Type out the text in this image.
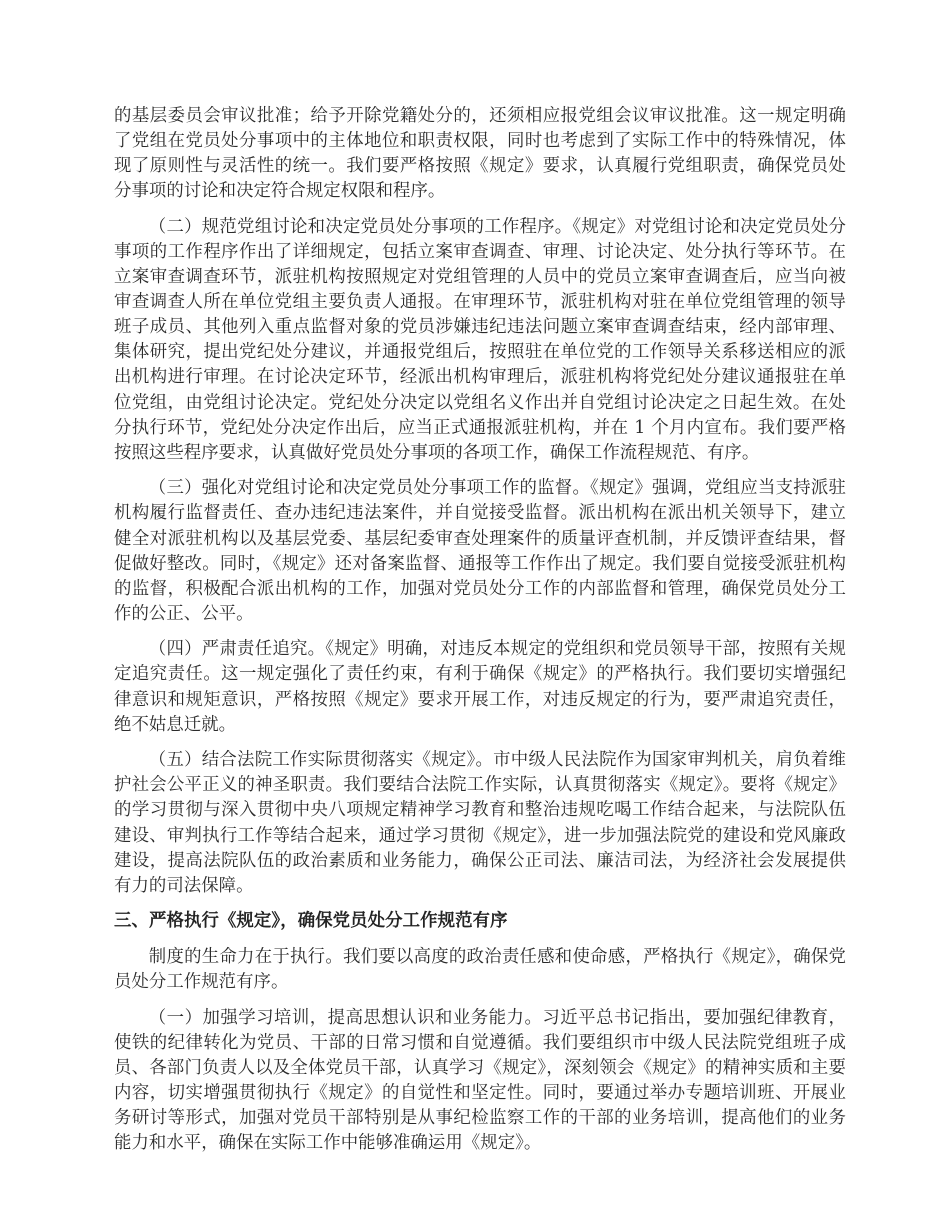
的基层委员会审议批准；给予开除党籍处分的，还须相应报党组会议审议批准。这一规定明确了党组在党员处分事项中的主体地位和职责权限，同时也考虑到了实际工作中的特殊情况，体现了原则性与灵活性的统一。我们要严格按照《规定》要求，认真履行党组职责，确保党员处分事项的讨论和决定符合规定权限和程序。

（二）规范党组讨论和决定党员处分事项的工作程序。《规定》对党组讨论和决定党员处分事项的工作程序作出了详细规定，包括立案审查调查、审理、讨论决定、处分执行等环节。在立案审查调查环节，派驻机构按照规定对党组管理的人员中的党员立案审查调查后，应当向被审查调查人所在单位党组主要负责人通报。在审理环节，派驻机构对驻在单位党组管理的领导班子成员、其他列入重点监督对象的党员涉嫌违纪违法问题立案审查调查结束，经内部审理、集体研究，提出党纪处分建议，并通报党组后，按照驻在单位党的工作领导关系移送相应的派出机构进行审理。在讨论决定环节，经派出机构审理后，派驻机构将党纪处分建议通报驻在单位党组，由党组讨论决定。党纪处分决定以党组名义作出并自党组讨论决定之日起生效。在处分执行环节，党纪处分决定作出后，应当正式通报派驻机构，并在 1 个月内宣布。我们要严格按照这些程序要求，认真做好党员处分事项的各项工作，确保工作流程规范、有序。

（三）强化对党组讨论和决定党员处分事项工作的监督。《规定》强调，党组应当支持派驻机构履行监督责任、查办违纪违法案件，并自觉接受监督。派出机构在派出机关领导下，建立健全对派驻机构以及基层党委、基层纪委审查处理案件的质量评查机制，并反馈评查结果，督促做好整改。同时，《规定》还对备案监督、通报等工作作出了规定。我们要自觉接受派驻机构的监督，积极配合派出机构的工作，加强对党员处分工作的内部监督和管理，确保党员处分工作的公正、公平。

（四）严肃责任追究。《规定》明确，对违反本规定的党组织和党员领导干部，按照有关规定追究责任。这一规定强化了责任约束，有利于确保《规定》的严格执行。我们要切实增强纪律意识和规矩意识，严格按照《规定》要求开展工作，对违反规定的行为，要严肃追究责任，绝不姑息迁就。

（五）结合法院工作实际贯彻落实《规定》。市中级人民法院作为国家审判机关，肩负着维护社会公平正义的神圣职责。我们要结合法院工作实际，认真贯彻落实《规定》。要将《规定》的学习贯彻与深入贯彻中央八项规定精神学习教育和整治违规吃喝工作结合起来，与法院队伍建设、审判执行工作等结合起来，通过学习贯彻《规定》，进一步加强法院党的建设和党风廉政建设，提高法院队伍的政治素质和业务能力，确保公正司法、廉洁司法，为经济社会发展提供有力的司法保障。

三、严格执行《规定》，确保党员处分工作规范有序

制度的生命力在于执行。我们要以高度的政治责任感和使命感，严格执行《规定》，确保党员处分工作规范有序。

（一）加强学习培训，提高思想认识和业务能力。习近平总书记指出，要加强纪律教育，使铁的纪律转化为党员、干部的日常习惯和自觉遵循。我们要组织市中级人民法院党组班子成员、各部门负责人以及全体党员干部，认真学习《规定》，深刻领会《规定》的精神实质和主要内容，切实增强贯彻执行《规定》的自觉性和坚定性。同时，要通过举办专题培训班、开展业务研讨等形式，加强对党员干部特别是从事纪检监察工作的干部的业务培训，提高他们的业务能力和水平，确保在实际工作中能够准确运用《规定》。
